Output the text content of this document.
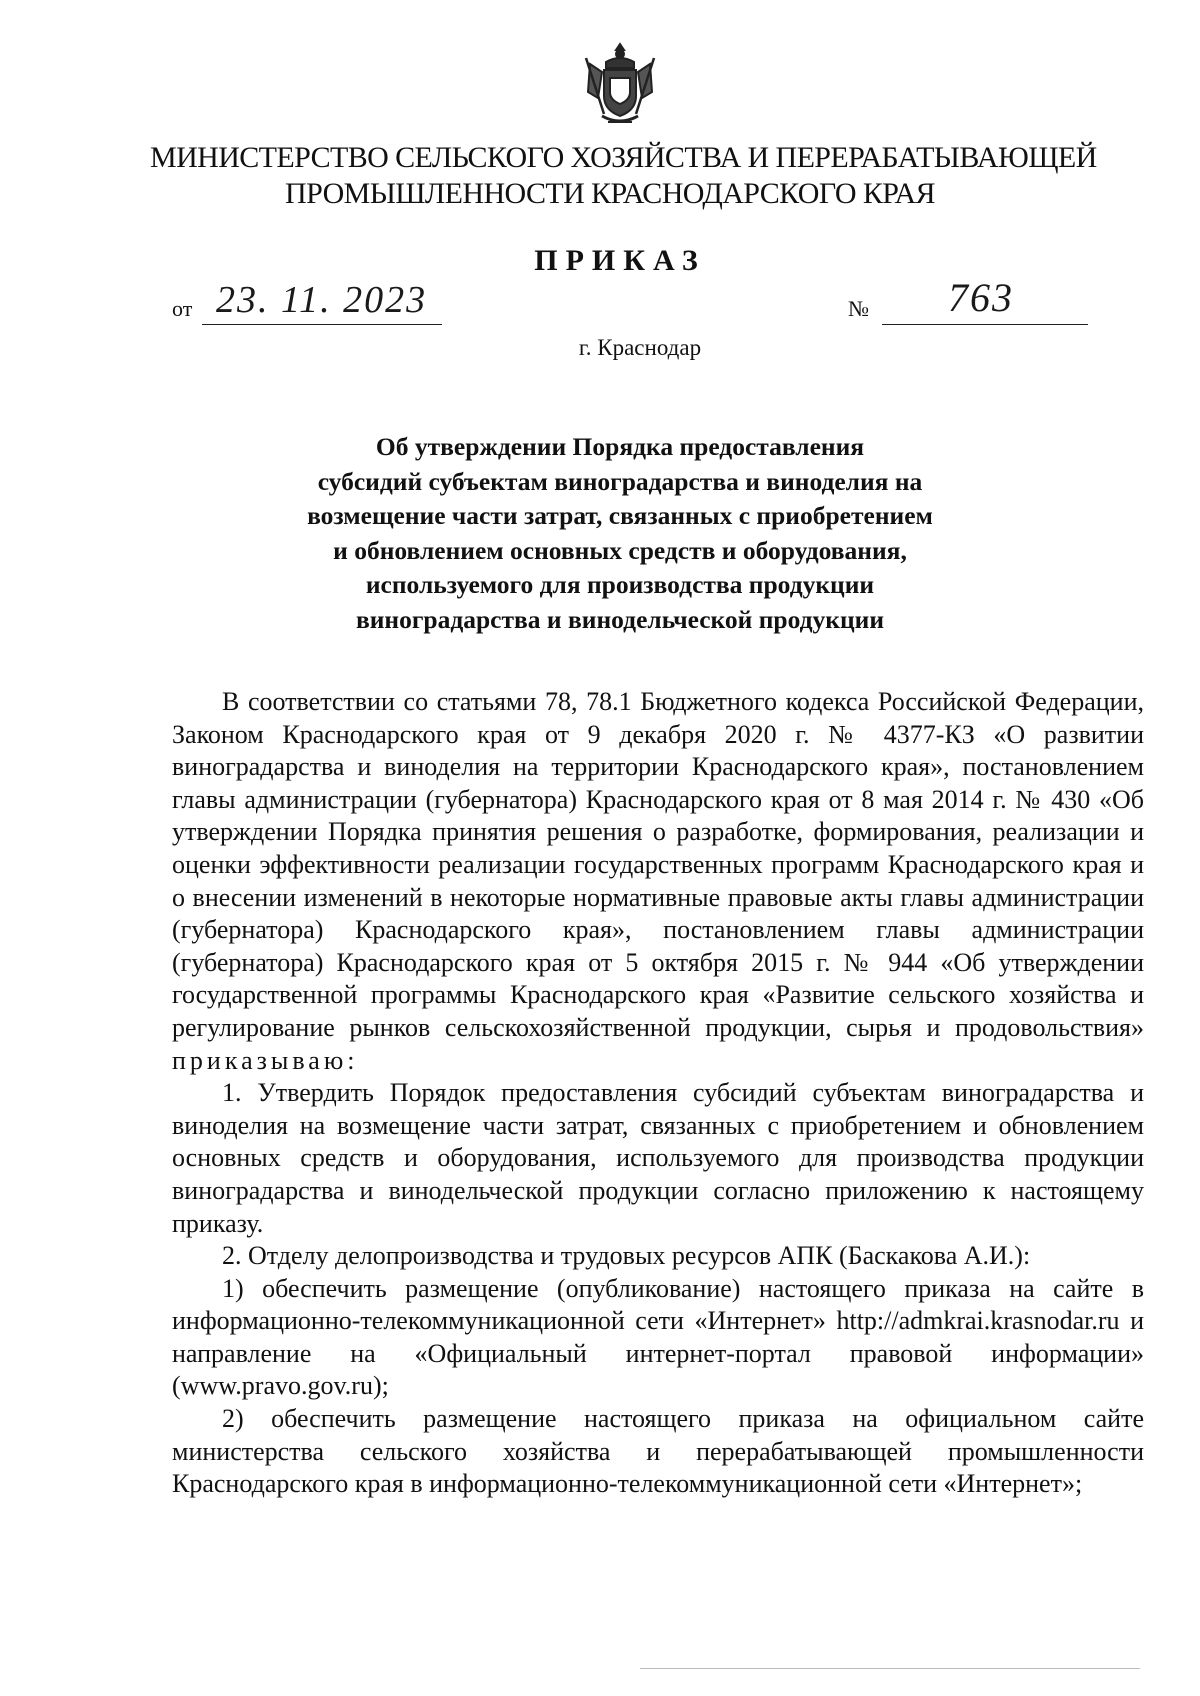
МИНИСТЕРСТВО СЕЛЬСКОГО ХОЗЯЙСТВА И ПЕРЕРАБАТЫВАЮЩЕЙ
ПРОМЫШЛЕННОСТИ КРАСНОДАРСКОГО КРАЯ
ПРИКАЗ
от 23. 11. 2023	№ 763
г. Краснодар
Об утверждении Порядка предоставления
субсидий субъектам виноградарства и виноделия на
возмещение части затрат, связанных с приобретением
и обновлением основных средств и оборудования,
используемого для производства продукции
виноградарства и винодельческой продукции

В соответствии со статьями 78, 78.1 Бюджетного кодекса Российской Федерации, Законом Краснодарского края от 9 декабря 2020 г. № 4377-КЗ «О развитии виноградарства и виноделия на территории Краснодарского края», постановлением главы администрации (губернатора) Краснодарского края от 8 мая 2014 г. № 430 «Об утверждении Порядка принятия решения о разработке, формирования, реализации и оценки эффективности реализации государственных программ Краснодарского края и о внесении изменений в некоторые нормативные правовые акты главы администрации (губернатора) Краснодарского края», постановлением главы администрации (губернатора) Краснодарского края от 5 октября 2015 г. № 944 «Об утверждении государственной программы Краснодарского края «Развитие сельского хозяйства и регулирование рынков сельскохозяйственной продукции, сырья и продовольствия» приказываю:

1. Утвердить Порядок предоставления субсидий субъектам виноградарства и виноделия на возмещение части затрат, связанных с приобретением и обновлением основных средств и оборудования, используемого для производства продукции виноградарства и винодельческой продукции согласно приложению к настоящему приказу.

2. Отделу делопроизводства и трудовых ресурсов АПК (Баскакова А.И.):

1) обеспечить размещение (опубликование) настоящего приказа на сайте в информационно-телекоммуникационной сети «Интернет» http://admkrai.krasnodar.ru и направление на «Официальный интернет-портал правовой информации» (www.pravo.gov.ru);

2) обеспечить размещение настоящего приказа на официальном сайте министерства сельского хозяйства и перерабатывающей промышленности Краснодарского края в информационно-телекоммуникационной сети «Интернет»;
